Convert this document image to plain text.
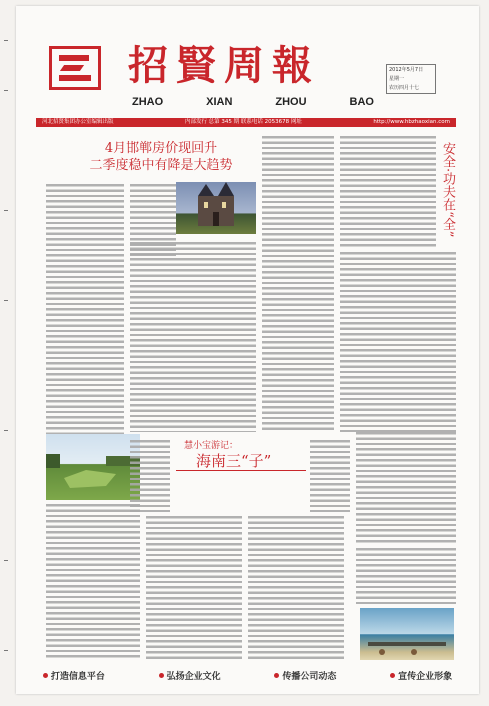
招賢周報
ZHAO	XIAN	ZHOU	BAO
2012年5月7日
星期一
农历四月十七
河北招贤集团办公室编辑出版	内部发行 总第 345 期 联系电话 2053678 网址	http://www.hbzhaoxian.com
4月邯郸房价现回升
二季度稳中有降是大趋势	安全·功夫在“全”
慧小宝游记：
海南三“子”
打造信息平台	弘扬企业文化	传播公司动态	宣传企业形象
